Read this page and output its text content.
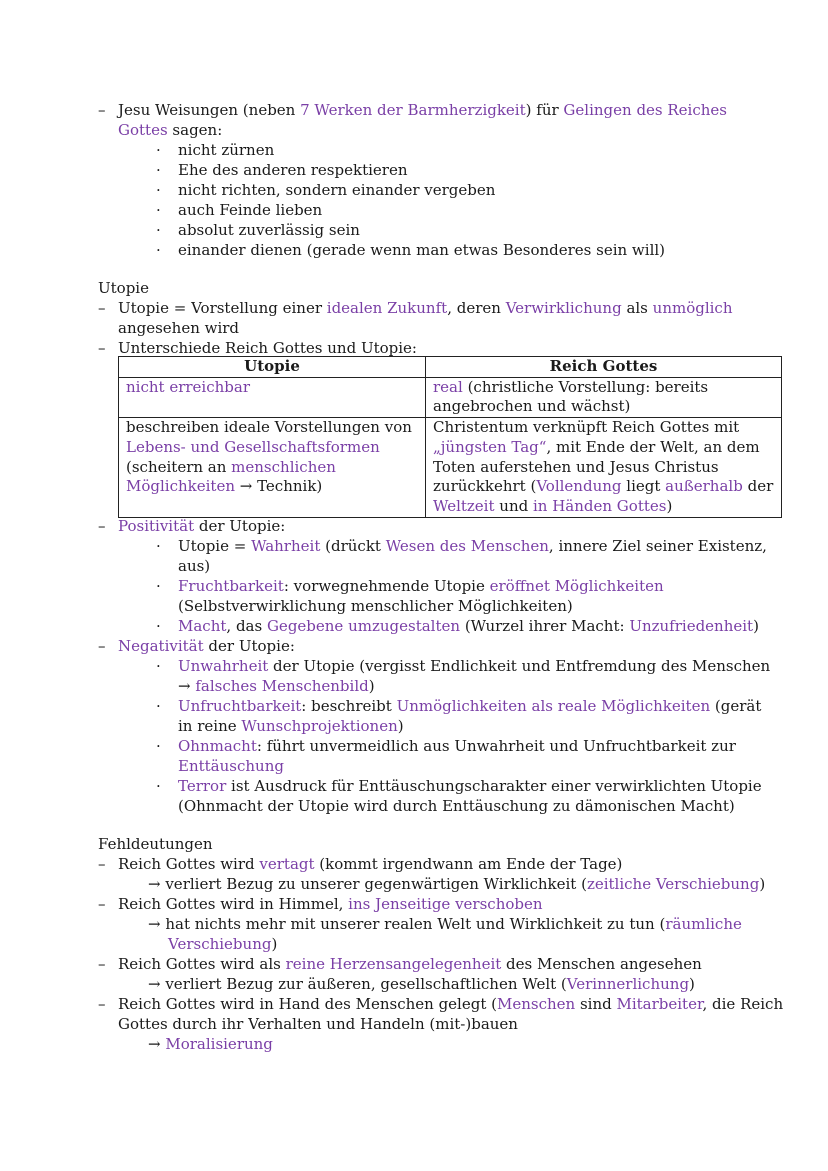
– Jesu Weisungen (neben 7 Werken der Barmherzigkeit) für Gelingen des Reiches
Gottes sagen:
· nicht zürnen
· Ehe des anderen respektieren
· nicht richten, sondern einander vergeben
· auch Feinde lieben
· absolut zuverlässig sein
· einander dienen (gerade wenn man etwas Besonderes sein will)
Utopie
– Utopie = Vorstellung einer idealen Zukunft, deren Verwirklichung als unmöglich
angesehen wird
– Unterschiede Reich Gottes und Utopie:
Utopie	Reich Gottes
nicht erreichbar	real (christliche Vorstellung: bereits
angebrochen und wächst)
beschreiben ideale Vorstellungen von
Lebens- und Gesellschaftsformen
(scheitern an menschlichen
Möglichkeiten → Technik)	Christentum verknüpft Reich Gottes mit
„jüngsten Tag“, mit Ende der Welt, an dem
Toten auferstehen und Jesus Christus
zurückkehrt (Vollendung liegt außerhalb der
Weltzeit und in Händen Gottes)
– Positivität der Utopie:
· Utopie = Wahrheit (drückt Wesen des Menschen, innere Ziel seiner Existenz,
aus)
· Fruchtbarkeit: vorwegnehmende Utopie eröffnet Möglichkeiten
(Selbstverwirklichung menschlicher Möglichkeiten)
· Macht, das Gegebene umzugestalten (Wurzel ihrer Macht: Unzufriedenheit)
– Negativität der Utopie:
· Unwahrheit der Utopie (vergisst Endlichkeit und Entfremdung des Menschen
→ falsches Menschenbild)
· Unfruchtbarkeit: beschreibt Unmöglichkeiten als reale Möglichkeiten (gerät
in reine Wunschprojektionen)
· Ohnmacht: führt unvermeidlich aus Unwahrheit und Unfruchtbarkeit zur
Enttäuschung
· Terror ist Ausdruck für Enttäuschungscharakter einer verwirklichten Utopie
(Ohnmacht der Utopie wird durch Enttäuschung zu dämonischen Macht)
Fehldeutungen
– Reich Gottes wird vertagt (kommt irgendwann am Ende der Tage)
→ verliert Bezug zu unserer gegenwärtigen Wirklichkeit (zeitliche Verschiebung)
– Reich Gottes wird in Himmel, ins Jenseitige verschoben
→ hat nichts mehr mit unserer realen Welt und Wirklichkeit zu tun (räumliche
Verschiebung)
– Reich Gottes wird als reine Herzensangelegenheit des Menschen angesehen
→ verliert Bezug zur äußeren, gesellschaftlichen Welt (Verinnerlichung)
– Reich Gottes wird in Hand des Menschen gelegt (Menschen sind Mitarbeiter, die Reich
Gottes durch ihr Verhalten und Handeln (mit-)bauen
→ Moralisierung
